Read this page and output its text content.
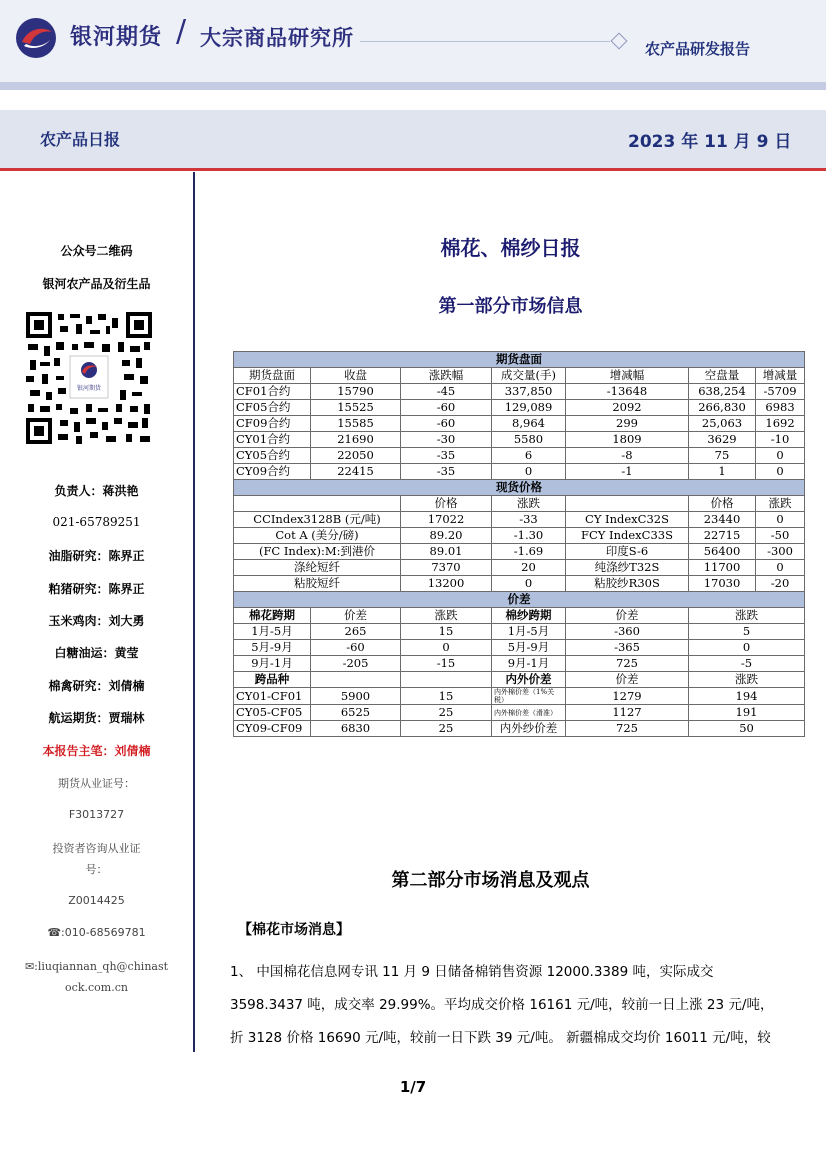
银河期货 / 大宗商品研究所	农产品研发报告
农产品日报	2023 年 11 月 9 日
公众号二维码
银河农产品及衍生品
银河期货
负责人：蒋洪艳
021-65789251
油脂研究：陈界正
粕猪研究：陈界正
玉米鸡肉：刘大勇
白糖油运：黄莹
棉禽研究：刘倩楠
航运期货：贾瑞林
本报告主笔：刘倩楠
期货从业证号：
F3013727
投资者咨询从业证
号：
Z0014425
☎:010-68569781
✉:liuqiannan_qh@chinast
ock.com.cn
棉花、棉纱日报
第一部分市场信息
期货盘面						
期货盘面	收盘	涨跌幅	成交量(手)	增减幅	空盘量	增减量
CF01合约	15790	-45	337,850	-13648	638,254	-5709
CF05合约	15525	-60	129,089	2092	266,830	6983
CF09合约	15585	-60	8,964	299	25,063	1692
CY01合约	21690	-30	5580	1809	3629	-10
CY05合约	22050	-35	6	-8	75	0
CY09合约	22415	-35	0	-1	1	0
现货价格						
		价格	涨跌		价格	涨跌
CCIndex3128B (元/吨)		17022	-33	CY IndexC32S	23440	0
Cot A (美分/磅)		89.20	-1.30	FCY IndexC33S	22715	-50
(FC Index):M:到港价		89.01	-1.69	印度S-6	56400	-300
涤纶短纤		7370	20	纯涤纱T32S	11700	0
粘胶短纤		13200	0	粘胶纱R30S	17030	-20
价差						
棉花跨期	价差	涨跌	棉纱跨期	价差	涨跌	
1月-5月	265	15	1月-5月	-360	5	
5月-9月	-60	0	5月-9月	-365	0	
9月-1月	-205	-15	9月-1月	725	-5	
跨品种			内外价差	价差	涨跌	
CY01-CF01	5900	15	内外棉价差（1%关税）	1279	194	
CY05-CF05	6525	25	内外棉价差（滑准）	1127	191	
CY09-CF09	6830	25	内外纱价差	725	50	
第二部分市场消息及观点
【棉花市场消息】
1、 中国棉花信息网专讯 11 月 9 日储备棉销售资源 12000.3389 吨，实际成交
3598.3437 吨，成交率 29.99%。平均成交价格 16161 元/吨，较前一日上涨 23 元/吨，
折 3128 价格 16690 元/吨，较前一日下跌 39 元/吨。 新疆棉成交均价 16011 元/吨，较
1/7
